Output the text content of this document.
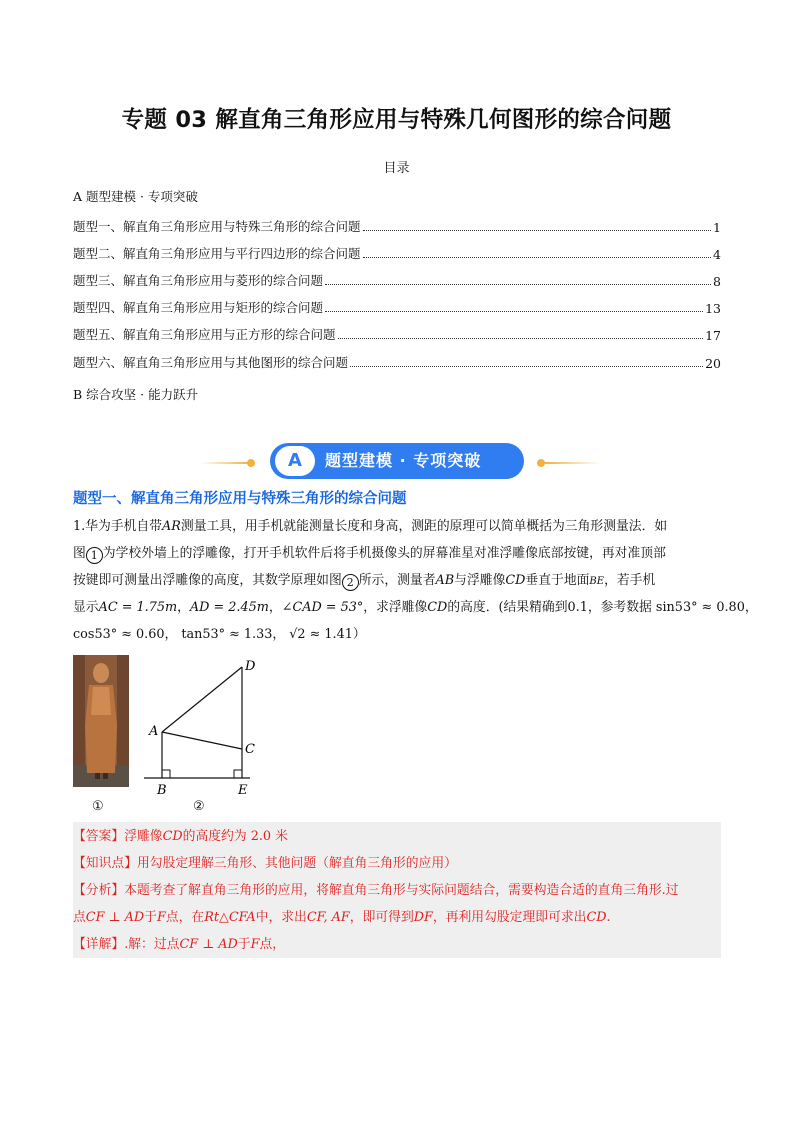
专题 03 解直角三角形应用与特殊几何图形的综合问题
目录
A 题型建模 · 专项突破
题型一、解直角三角形应用与特殊三角形的综合问题	1
题型二、解直角三角形应用与平行四边形的综合问题	4
题型三、解直角三角形应用与菱形的综合问题	8
题型四、解直角三角形应用与矩形的综合问题	13
题型五、解直角三角形应用与正方形的综合问题	17
题型六、解直角三角形应用与其他图形的综合问题	20
B 综合攻坚 · 能力跃升
A	题型建模 · 专项突破
题型一、解直角三角形应用与特殊三角形的综合问题
1.华为手机自带AR测量工具，用手机就能测量长度和身高，测距的原理可以简单概括为三角形测量法．如
图 1 为学校外墙上的浮雕像，打开手机软件后将手机摄像头的屏幕准星对准浮雕像底部按键，再对准顶部
按键即可测量出浮雕像的高度，其数学原理如图 2 所示，测量者AB与浮雕像CD垂直于地面BE，若手机
显示AC = 1.75m，AD = 2.45m，∠CAD = 53°，求浮雕像CD的高度．(结果精确到0.1，参考数据 sin53° ≈ 0.80，
cos53° ≈ 0.60， tan53° ≈ 1.33， √2 ≈ 1.41）
D
A
C
B	E
①	②
【答案】浮雕像CD的高度约为 2.0 米
【知识点】用勾股定理解三角形、其他问题（解直角三角形的应用）
【分析】本题考查了解直角三角形的应用，将解直角三角形与实际问题结合，需要构造合适的直角三角形.过
点CF ⊥ AD于F点，在Rt△CFA中，求出CF, AF，即可得到DF，再利用勾股定理即可求出CD.
【详解】.解：过点CF ⊥ AD于F点，
